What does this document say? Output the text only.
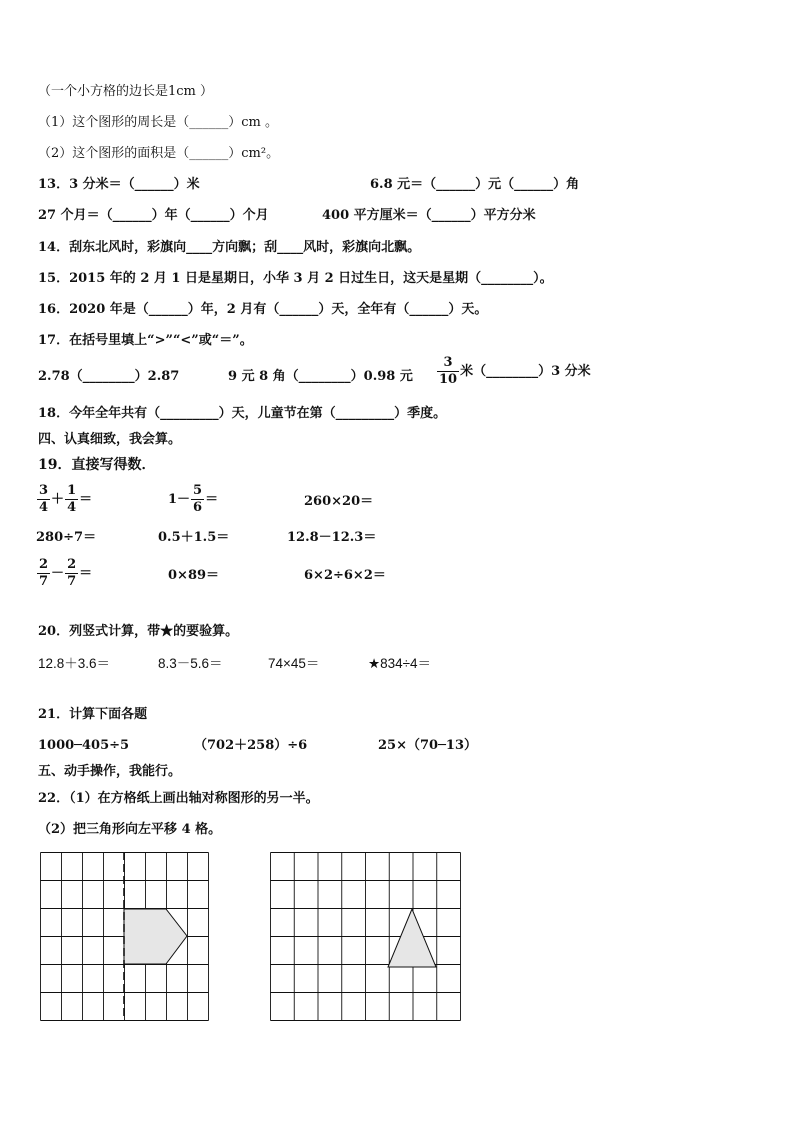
（一个小方格的边长是1cm ）
（1）这个图形的周长是（______）cm 。
（2）这个图形的面积是（______）cm²。
13．3 分米＝（______）米	6.8 元＝（______）元（______）角
27 个月＝（______）年（______）个月	400 平方厘米＝（______）平方分米
14．刮东北风时，彩旗向____方向飘；刮____风时，彩旗向北飘。
15．2015 年的 2 月 1 日是星期日，小华 3 月 2 日过生日，这天是星期（________）。
16．2020 年是（______）年，2 月有（______）天，全年有（______）天。
17．在括号里填上“>”“<”或“＝”。
2.78（________）2.87	9 元 8 角（________）0.98 元 $\frac{3}{10}$ 米（________）3 分米
18．今年全年共有（_________）天，儿童节在第（_________）季度。
四、认真细致，我会算。
19．直接写得数．
$\frac{3}{4} + \frac{1}{4}$ ＝	$1- \frac{5}{6}$ ＝	260×20＝
280÷7＝	0.5＋1.5＝	12.8－12.3＝
$\frac{2}{7} - \frac{2}{7}$ ＝	0×89＝	6×2÷6×2＝
20．列竖式计算，带★的要验算。
12.8＋3.6＝	8.3－5.6＝	74×45＝	★834÷4＝
21．计算下面各题
1000─405÷5	（702＋258）÷6	25×（70─13）
五、动手操作，我能行。
22．（1）在方格纸上画出轴对称图形的另一半。
（2）把三角形向左平移 4 格。
